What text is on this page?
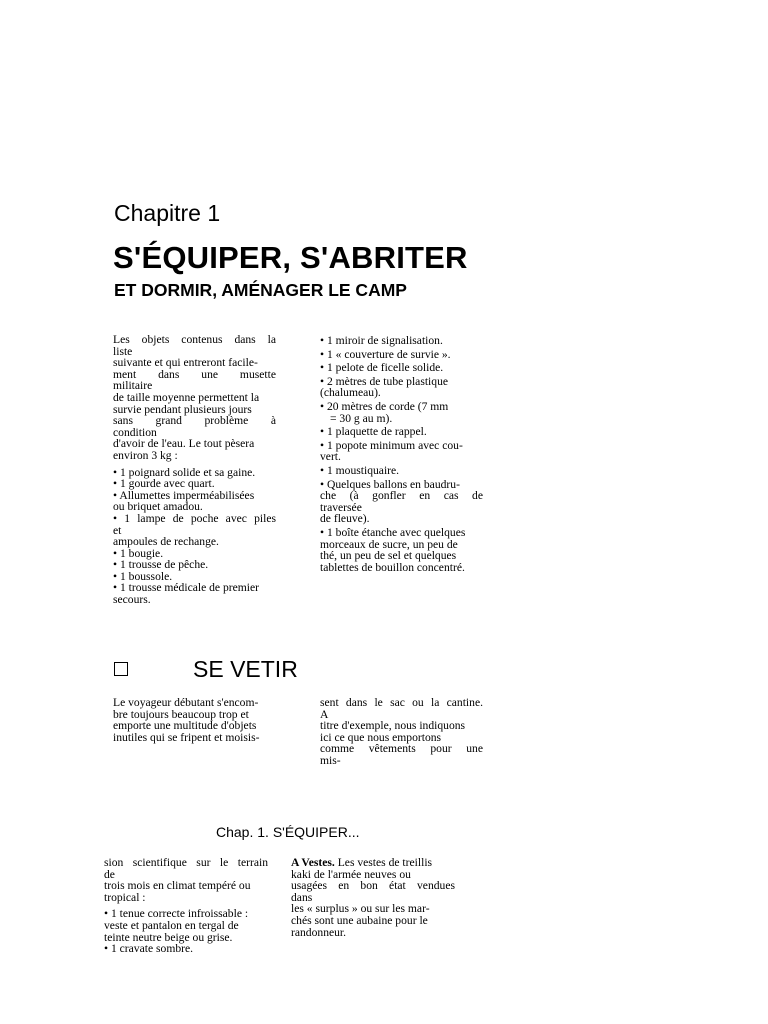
Chapitre 1
S'ÉQUIPER, S'ABRITER
ET DORMIR, AMÉNAGER LE CAMP

Les objets contenus dans la

liste

suivante et qui entreront facile-

ment dans une musette

militaire

de taille moyenne permettent la

survie pendant plusieurs jours

sans grand problème à

condition

d'avoir de l'eau. Le tout pèsera

environ 3 kg :

• 1 poignard solide et sa gaine.

• 1 gourde avec quart.

• Allumettes imperméabilisées

ou briquet amadou.

• 1 lampe de poche avec piles

et

ampoules de rechange.

• 1 bougie.

• 1 trousse de pêche.

• 1 boussole.

• 1 trousse médicale de premier

secours.

• 1 miroir de signalisation.

• 1 « couverture de survie ».

• 1 pelote de ficelle solide.

• 2 mètres de tube plastique

(chalumeau).

• 20 mètres de corde (7 mm

= 30 g au m).

• 1 plaquette de rappel.

• 1 popote minimum avec cou-

vert.

• 1 moustiquaire.

• Quelques ballons en baudru-

che (à gonfler en cas de

traversée

de fleuve).

• 1 boîte étanche avec quelques

morceaux de sucre, un peu de

thé, un peu de sel et quelques

tablettes de bouillon concentré.

SE VETIR

Le voyageur débutant s'encom-

bre toujours beaucoup trop et

emporte une multitude d'objets

inutiles qui se fripent et moisis-

sent dans le sac ou la cantine.

A

titre d'exemple, nous indiquons

ici ce que nous emportons

comme vêtements pour une

mis-

Chap. 1. S'ÉQUIPER...

sion scientifique sur le terrain

de

trois mois en climat tempéré ou

tropical :

• 1 tenue correcte infroissable :

veste et pantalon en tergal de

teinte neutre beige ou grise.

• 1 cravate sombre.

A Vestes. Les vestes de treillis

kaki de l'armée neuves ou

usagées en bon état vendues

dans

les « surplus » ou sur les mar-

chés sont une aubaine pour le

randonneur.
